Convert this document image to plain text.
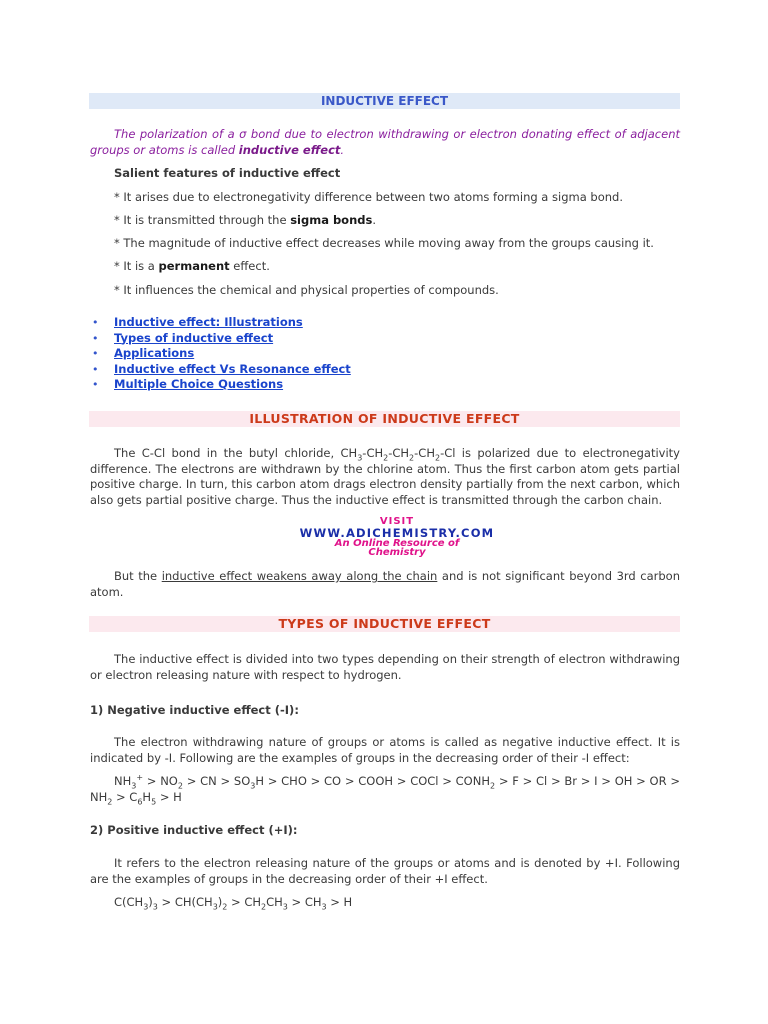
INDUCTIVE EFFECT

The polarization of a σ bond due to electron withdrawing or electron donating effect of adjacent groups or atoms is called inductive effect.

Salient features of inductive effect

* It arises due to electronegativity difference between two atoms forming a sigma bond.

* It is transmitted through the sigma bonds.

* The magnitude of inductive effect decreases while moving away from the groups causing it.

* It is a permanent effect.

* It influences the chemical and physical properties of compounds.

• Inductive effect: Illustrations
• Types of inductive effect
• Applications
• Inductive effect Vs Resonance effect
• Multiple Choice Questions
ILLUSTRATION OF INDUCTIVE EFFECT

The C-Cl bond in the butyl chloride, $CH_3-CH_2-CH_2-CH_2-Cl$ is polarized due to electronegativity difference. The electrons are withdrawn by the chlorine atom. Thus the first carbon atom gets partial positive charge. In turn, this carbon atom drags electron density partially from the next carbon, which also gets partial positive charge. Thus the inductive effect is transmitted through the carbon chain.

VISIT
WWW.ADICHEMISTRY.COM
An Online Resource of
Chemistry

But the inductive effect weakens away along the chain and is not significant beyond 3rd carbon atom.

TYPES OF INDUCTIVE EFFECT

The inductive effect is divided into two types depending on their strength of electron withdrawing or electron releasing nature with respect to hydrogen.

1) Negative inductive effect (-I):

The electron withdrawing nature of groups or atoms is called as negative inductive effect. It is indicated by -I. Following are the examples of groups in the decreasing order of their -I effect:

$NH_3^+ > NO_2$ > CN > $SO_3H$ > CHO > CO > COOH > COCl > $CONH_2 > F > Cl > Br > I$ > OH > OR > $NH_2 > C_6H_5 > H$

2) Positive inductive effect (+I):

It refers to the electron releasing nature of the groups or atoms and is denoted by +I. Following are the examples of groups in the decreasing order of their +I effect.

$C(CH_3)_3 > CH(CH_3)_2 > CH_2CH_3 > CH_3 > H$
